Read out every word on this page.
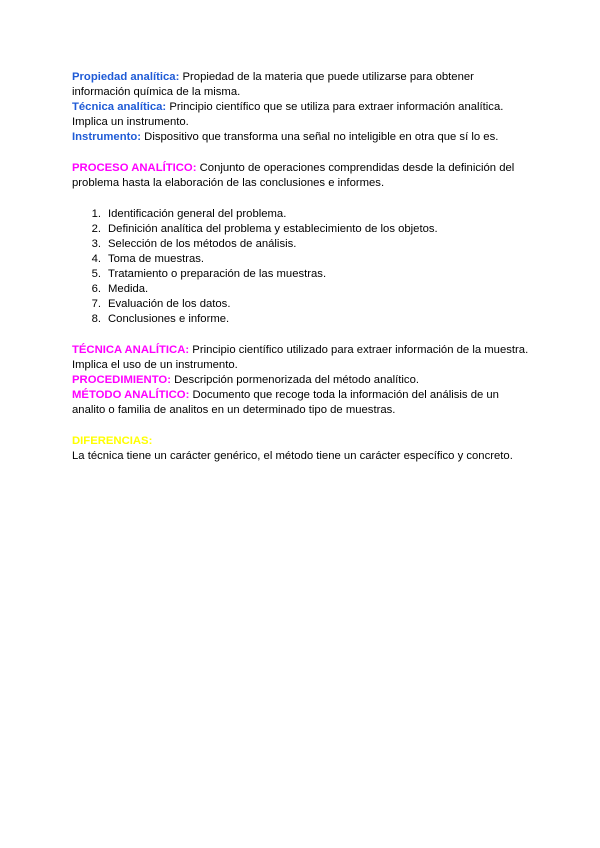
Propiedad analítica: Propiedad de la materia que puede utilizarse para obtener información química de la misma.

Técnica analítica: Principio científico que se utiliza para extraer información analítica. Implica un instrumento.

Instrumento: Dispositivo que transforma una señal no inteligible en otra que sí lo es.

PROCESO ANALÍTICO: Conjunto de operaciones comprendidas desde la definición del problema hasta la elaboración de las conclusiones e informes.

1. Identificación general del problema.
2. Definición analítica del problema y establecimiento de los objetos.
3. Selección de los métodos de análisis.
4. Toma de muestras.
5. Tratamiento o preparación de las muestras.
6. Medida.
7. Evaluación de los datos.
8. Conclusiones e informe.

TÉCNICA ANALÍTICA: Principio científico utilizado para extraer información de la muestra. Implica el uso de un instrumento.

PROCEDIMIENTO: Descripción pormenorizada del método analítico.

MÉTODO ANALÍTICO: Documento que recoge toda la información del análisis de un analito o familia de analitos en un determinado tipo de muestras.

DIFERENCIAS:

La técnica tiene un carácter genérico, el método tiene un carácter específico y concreto.
